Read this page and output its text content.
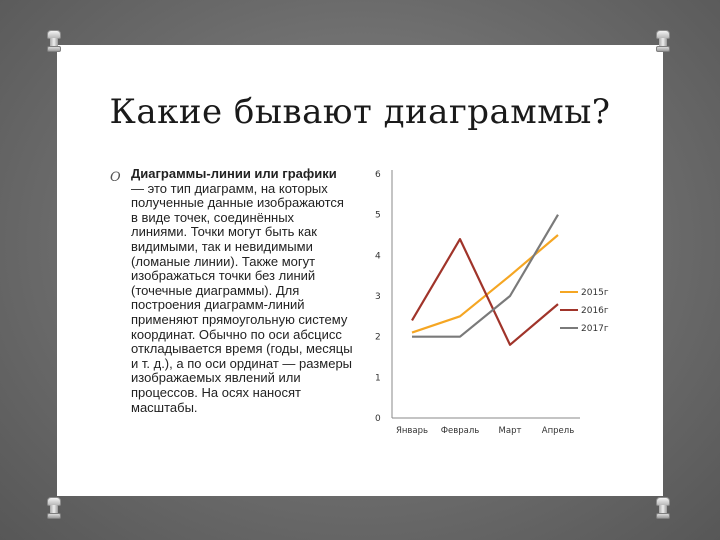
Какие бывают диаграммы?
O Диаграммы-линии или графики — это тип диаграмм, на которых полученные данные изображаются в виде точек, соединённых линиями. Точки могут быть как видимыми, так и невидимыми (ломаные линии). Также могут изображаться точки без линий (точечные диаграммы). Для построения диаграмм-линий применяют прямоугольную систему координат. Обычно по оси абсцисс откладывается время (годы, месяцы и т. д.), а по оси ординат — размеры изображаемых явлений или процессов. На осях наносят масштабы.
0
1
2
3
4
5
6
Январь Февраль Март Апрель
2015г
2016г
2017г
